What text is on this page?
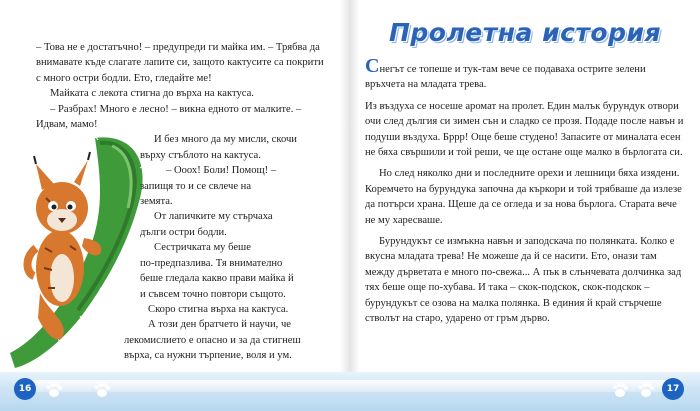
– Това не е достатъчно! – предупреди ги майка им. – Трябва да внимавате къде слагате лапите си, защото кактусите са покрити с много остри бодли. Ето, гледайте ме!

Майката с лекота стигна до върха на кактуса.

– Разбрах! Много е лесно! – викна едното от малките. – Идвам, мамо!

И без много да му мисли, скочи

върху стъблото на кактуса.

– Ооох! Боли! Помощ! –

запищя то и се свлече на

земята.

От лапичките му стърчаха

дълги остри бодли.

Сестричката му беше

по-предпазлива. Тя внимателно

беше гледала какво прави майка й

и съвсем точно повтори същото.

Скоро стигна върха на кактуса.

А този ден братчето й научи, че

лекомислието е опасно и за да стигнеш

върха, са нужни търпение, воля и ум.

Пролетна история

Снегът се топеше и тук-там вече се подаваха острите зелени връхчета на младата трева.

Из въздуха се носеше аромат на пролет. Един малък бурундук отвори очи след дългия си зимен сън и сладко се прозя. Подаде после навън и подуши въздуха. Бррр! Още беше студено! Запасите от миналата есен не бяха свършили и той реши, че ще остане още малко в бърлогата си.

Но след няколко дни и последните орехи и лешници бяха изядени. Коремчето на бурундука започна да къркори и той трябваше да излезе да потърси храна. Щеше да се огледа и за нова бърлога. Старата вече не му харесваше.

Бурундукът се измъкна навън и заподскача по полянката. Колко е вкусна младата трева! Не можеше да й се насити. Ето, онази там между дърветата е много по-свежа... А пък в слънчевата долчинка зад тях беше още по-хубава. И така – скок-подскок, скок-подскок – бурундукът се озова на малка полянка. В единия й край стърчеше стволът на старо, ударено от гръм дърво.

16	17
